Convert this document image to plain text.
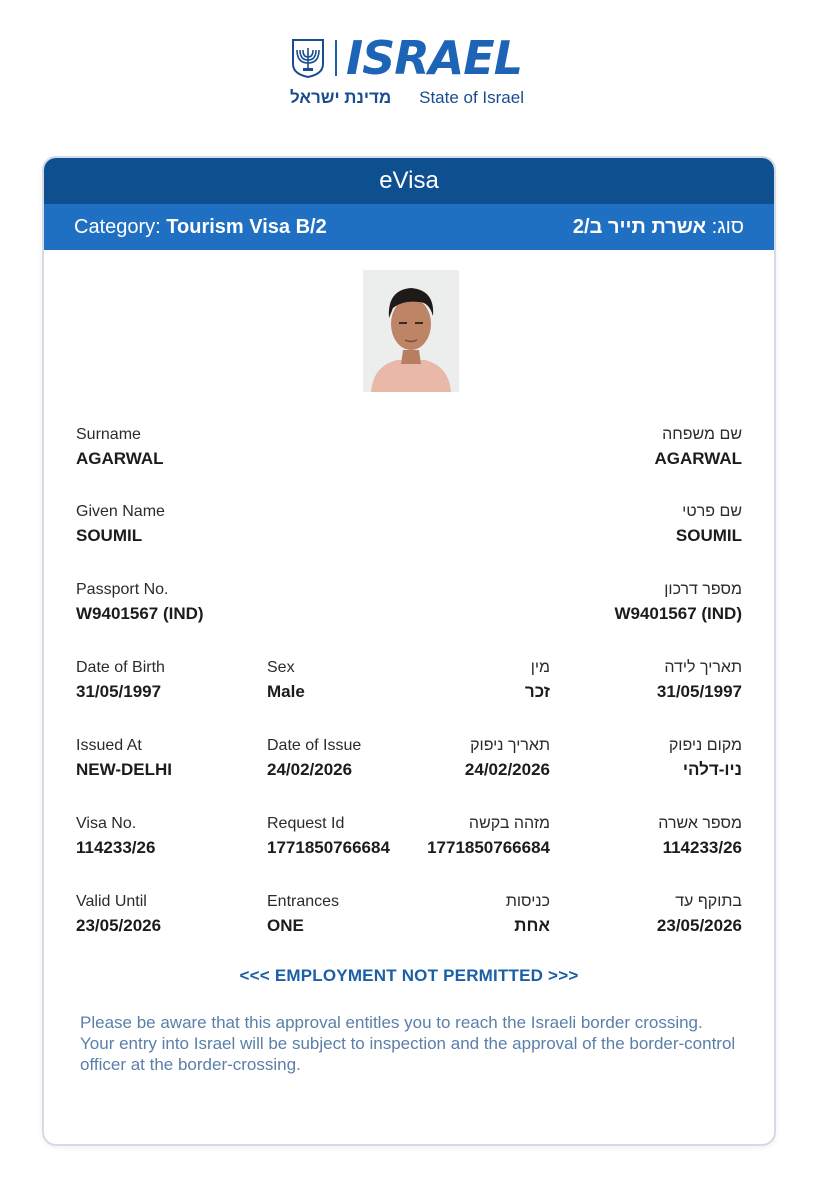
ISRAEL
מדינת ישראל State of Israel
eVisa
Category: Tourism Visa B/2	סוג: אשרת תייר ב/2
Surname
AGARWAL
שם משפחה
AGARWAL
Given Name
SOUMIL
שם פרטי
SOUMIL
Passport No.
W9401567 (IND)
מספר דרכון
W9401567 (IND)
Date of Birth
31/05/1997
Sex
Male
מין
זכר
תאריך לידה
31/05/1997
Issued At
NEW-DELHI
Date of Issue
24/02/2026
תאריך ניפוק
24/02/2026
מקום ניפוק
ניו-דלהי
Visa No.
114233/26
Request Id
1771850766684
מזהה בקשה
1771850766684
מספר אשרה
114233/26
Valid Until
23/05/2026
Entrances
ONE
כניסות
אחת
בתוקף עד
23/05/2026
<<< EMPLOYMENT NOT PERMITTED >>>

Please be aware that this approval entitles you to reach the Israeli border crossing.

Your entry into Israel will be subject to inspection and the approval of the border-control officer at the border-crossing.
